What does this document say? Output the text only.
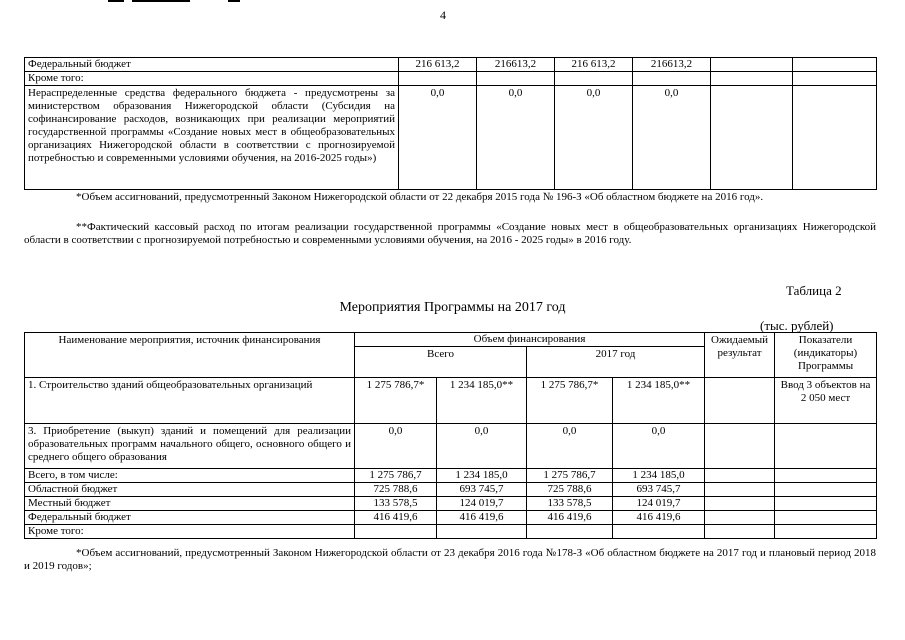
4
Федеральный бюджет	216 613,2	216613,2	216 613,2	216613,2		
Кроме того:						
Нераспределенные средства федерального бюджета - предусмотрены за министерством образования Нижегородской области (Субсидия на софинансирование расходов, возникающих при реализации мероприятий государственной программы «Создание новых мест в общеобразовательных организациях Нижегородской области в соответствии с прогнозируемой потребностью и современными условиями обучения, на 2016-2025 годы»)	0,0	0,0	0,0	0,0		
*Объем ассигнований, предусмотренный Законом Нижегородской области от 22 декабря 2015 года № 196-З «Об областном бюджете на 2016 год».
**Фактический кассовый расход по итогам реализации государственной программы «Создание новых мест в общеобразовательных организациях Нижегородской области в соответствии с прогнозируемой потребностью и современными условиями обучения, на 2016 - 2025 годы» в 2016 году.
Таблица 2
Мероприятия Программы на 2017 год
(тыс. рублей)
Наименование мероприятия, источник финансирования	Объем финансирования				Ожидаемый результат	Показатели (индикаторы) Программы
	Всего		2017 год			
1. Строительство зданий общеобразовательных организаций	1 275 786,7*	1 234 185,0**	1 275 786,7*	1 234 185,0**		Ввод 3 объектов на 2 050 мест
3. Приобретение (выкуп) зданий и помещений для реализации образовательных программ начального общего, основного общего и среднего общего образования	0,0	0,0	0,0	0,0		
Всего, в том числе:	1 275 786,7	1 234 185,0	1 275 786,7	1 234 185,0		
Областной бюджет	725 788,6	693 745,7	725 788,6	693 745,7		
Местный бюджет	133 578,5	124 019,7	133 578,5	124 019,7		
Федеральный бюджет	416 419,6	416 419,6	416 419,6	416 419,6		
Кроме того:						
*Объем ассигнований, предусмотренный Законом Нижегородской области от 23 декабря 2016 года №178-З «Об областном бюджете на 2017 год и плановый период 2018 и 2019 годов»;
